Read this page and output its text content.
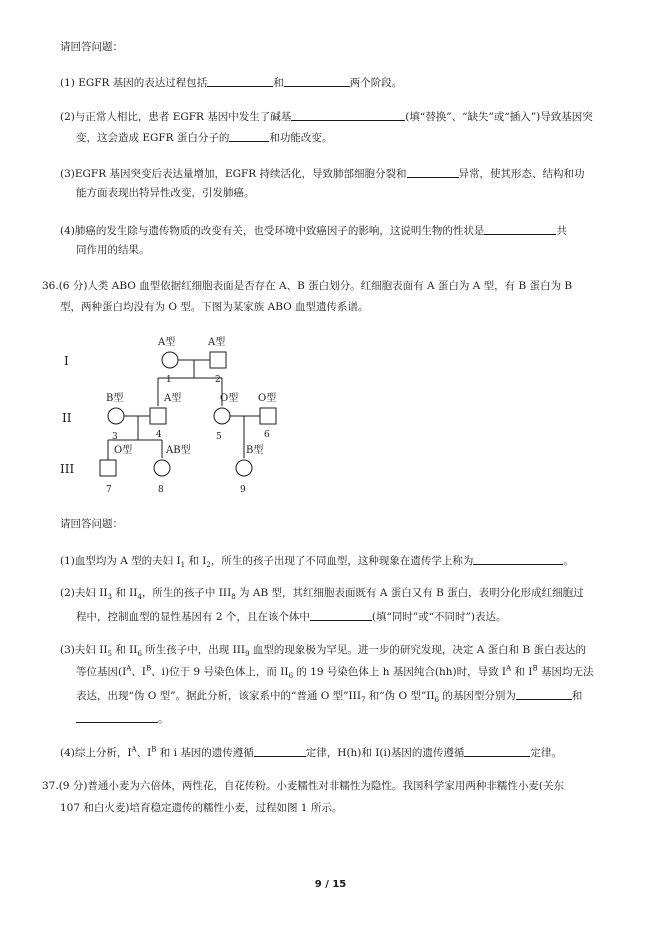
请回答问题：
(1) EGFR 基因的表达过程包括	和	两个阶段。
(2)与正常人相比，患者 EGFR 基因中发生了碱基	(填“替换”、“缺失”或“插入”)导致基因突
变，这会造成 EGFR 蛋白分子的	和功能改变。
(3)EGFR 基因突变后表达量增加，EGFR 持续活化，导致肺部细胞分裂和	异常，使其形态、结构和功
能方面表现出特异性改变，引发肺癌。
(4)肺癌的发生除与遗传物质的改变有关，也受环境中致癌因子的影响，这说明生物的性状是	共
同作用的结果。
36.(6 分)人类 ABO 血型依据红细胞表面是否存在 A、B 蛋白划分。红细胞表面有 A 蛋白为 A 型，有 B 蛋白为 B
型，两种蛋白均没有为 O 型。下图为某家族 ABO 血型遗传系谱。
I
II
III
A型
1
A型
2
B型
3
A型
4
O型
5
O型
6
O型
7
AB型
8
B型
9
请回答问题：
(1)血型均为 A 型的夫妇 $I_1$ 和 $I_2$，所生的孩子出现了不同血型，这种现象在遗传学上称为	。
(2)夫妇 $II_3$ 和 $II_4$，所生的孩子中 $III_8$ 为 AB 型，其红细胞表面既有 A 蛋白又有 B 蛋白，表明分化形成红细胞过
程中，控制血型的显性基因有 2 个，且在该个体中	(填“同时”或“不同时”)表达。
(3)夫妇 $II_5$ 和 $II_6$ 所生孩子中，出现 $III_9$ 血型的现象极为罕见。进一步的研究发现，决定 A 蛋白和 B 蛋白表达的
等位基因($I^A$、$I^B$、i)位于 9 号染色体上，而 $II_6$ 的 19 号染色体上 h 基因纯合(hh)时，导致 $I^A$ 和 $I^B$ 基因均无法
表达，出现“伪 O 型”。据此分析，该家系中的“普通 O 型$”III_7$ 和“伪 O 型$”II_6$ 的基因型分别为	和
。
(4)综上分析，$I^A$、$I^B$ 和 i 基因的遗传遵循	定律，H(h)和 I(i)基因的遗传遵循	定律。
37.(9 分)普通小麦为六倍体，两性花，自花传粉。小麦糯性对非糯性为隐性。我国科学家用两种非糯性小麦(关东
107 和白火麦)培育稳定遗传的糯性小麦，过程如图 1 所示。
9 / 15
